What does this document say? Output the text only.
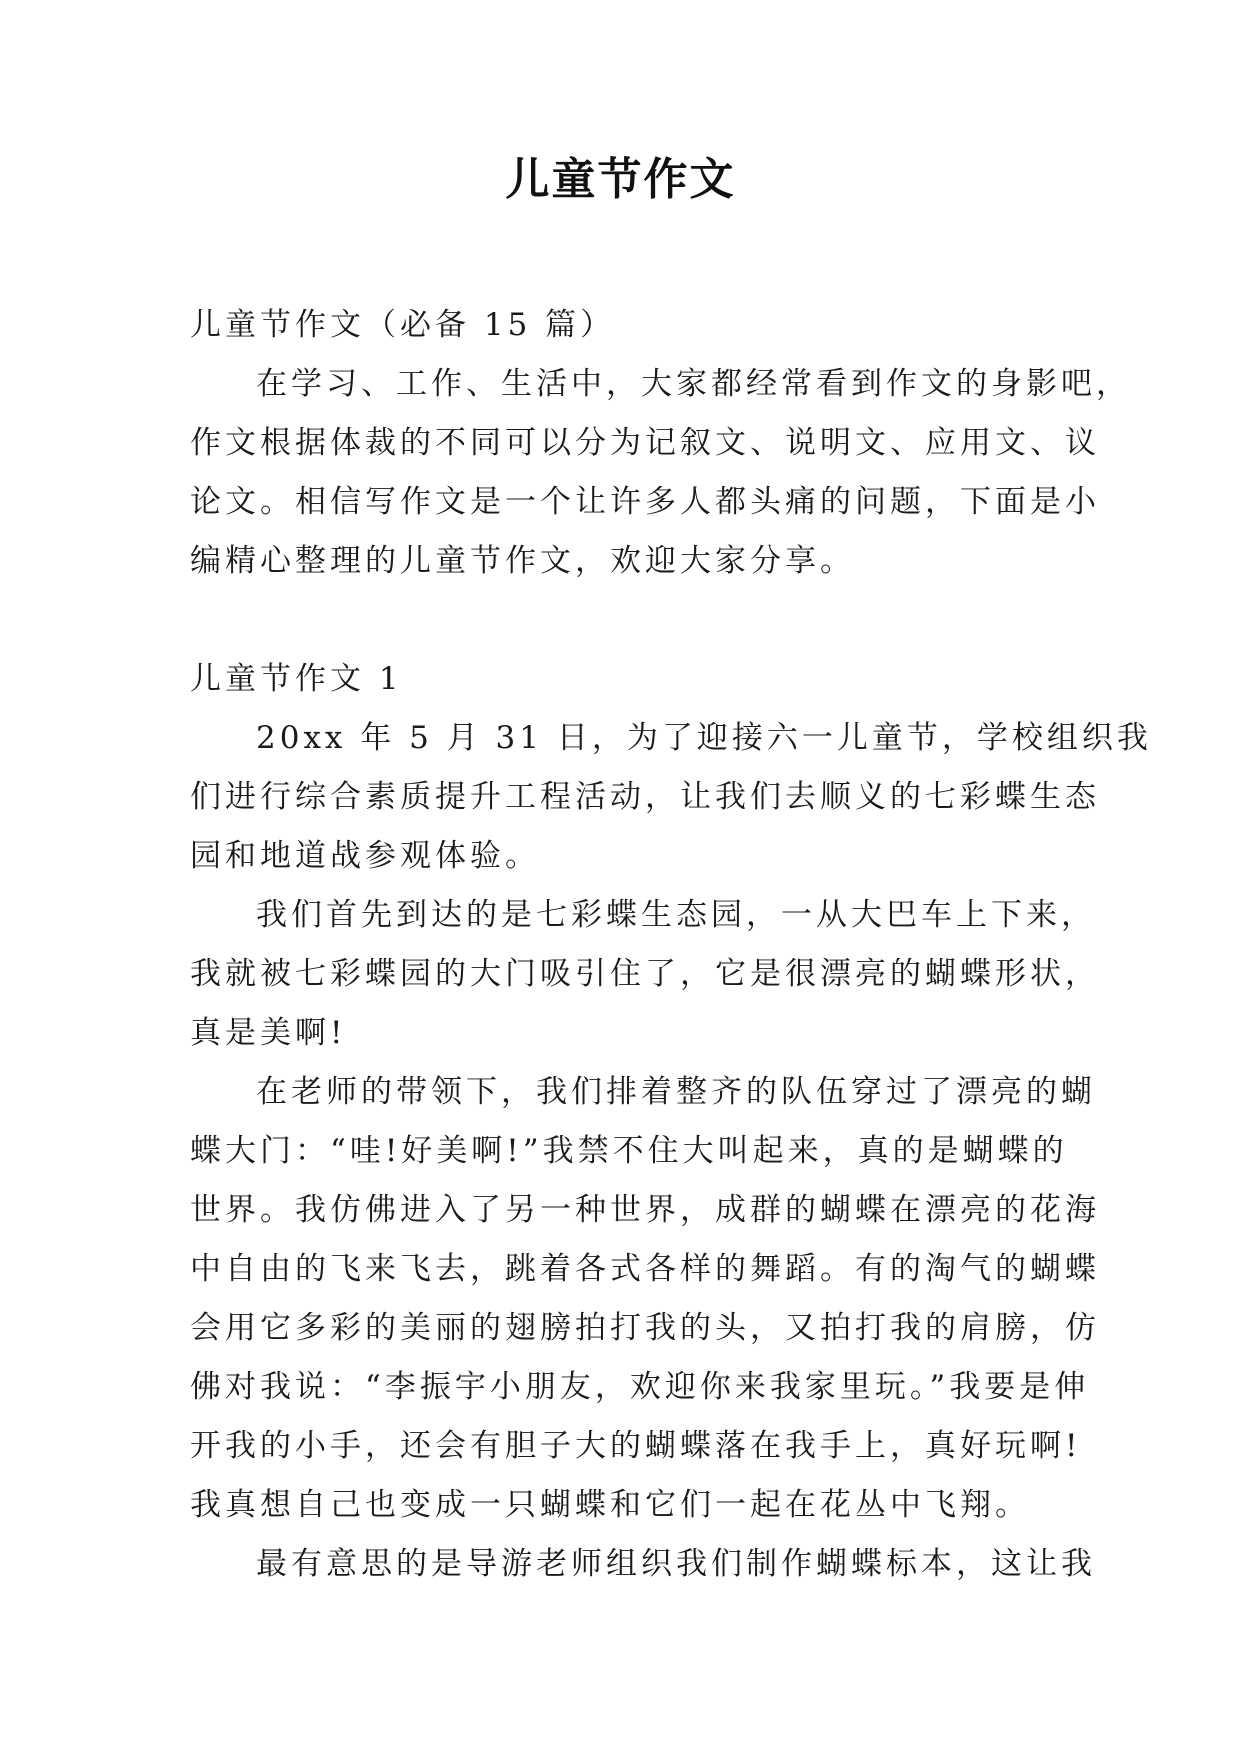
儿童节作文
儿童节作文（必备 15 篇）
在学习、工作、生活中，大家都经常看到作文的身影吧，
作文根据体裁的不同可以分为记叙文、说明文、应用文、议
论文。相信写作文是一个让许多人都头痛的问题，下面是小
编精心整理的儿童节作文，欢迎大家分享。
儿童节作文 1
20xx 年 5 月 31 日，为了迎接六一儿童节，学校组织我
们进行综合素质提升工程活动，让我们去顺义的七彩蝶生态
园和地道战参观体验。
我们首先到达的是七彩蝶生态园，一从大巴车上下来，
我就被七彩蝶园的大门吸引住了，它是很漂亮的蝴蝶形状，
真是美啊!
在老师的带领下，我们排着整齐的队伍穿过了漂亮的蝴
蝶大门：“哇!好美啊!”我禁不住大叫起来，真的是蝴蝶的
世界。我仿佛进入了另一种世界，成群的蝴蝶在漂亮的花海
中自由的飞来飞去，跳着各式各样的舞蹈。有的淘气的蝴蝶
会用它多彩的美丽的翅膀拍打我的头，又拍打我的肩膀，仿
佛对我说：“李振宇小朋友，欢迎你来我家里玩。”我要是伸
开我的小手，还会有胆子大的蝴蝶落在我手上，真好玩啊!
我真想自己也变成一只蝴蝶和它们一起在花丛中飞翔。
最有意思的是导游老师组织我们制作蝴蝶标本，这让我
